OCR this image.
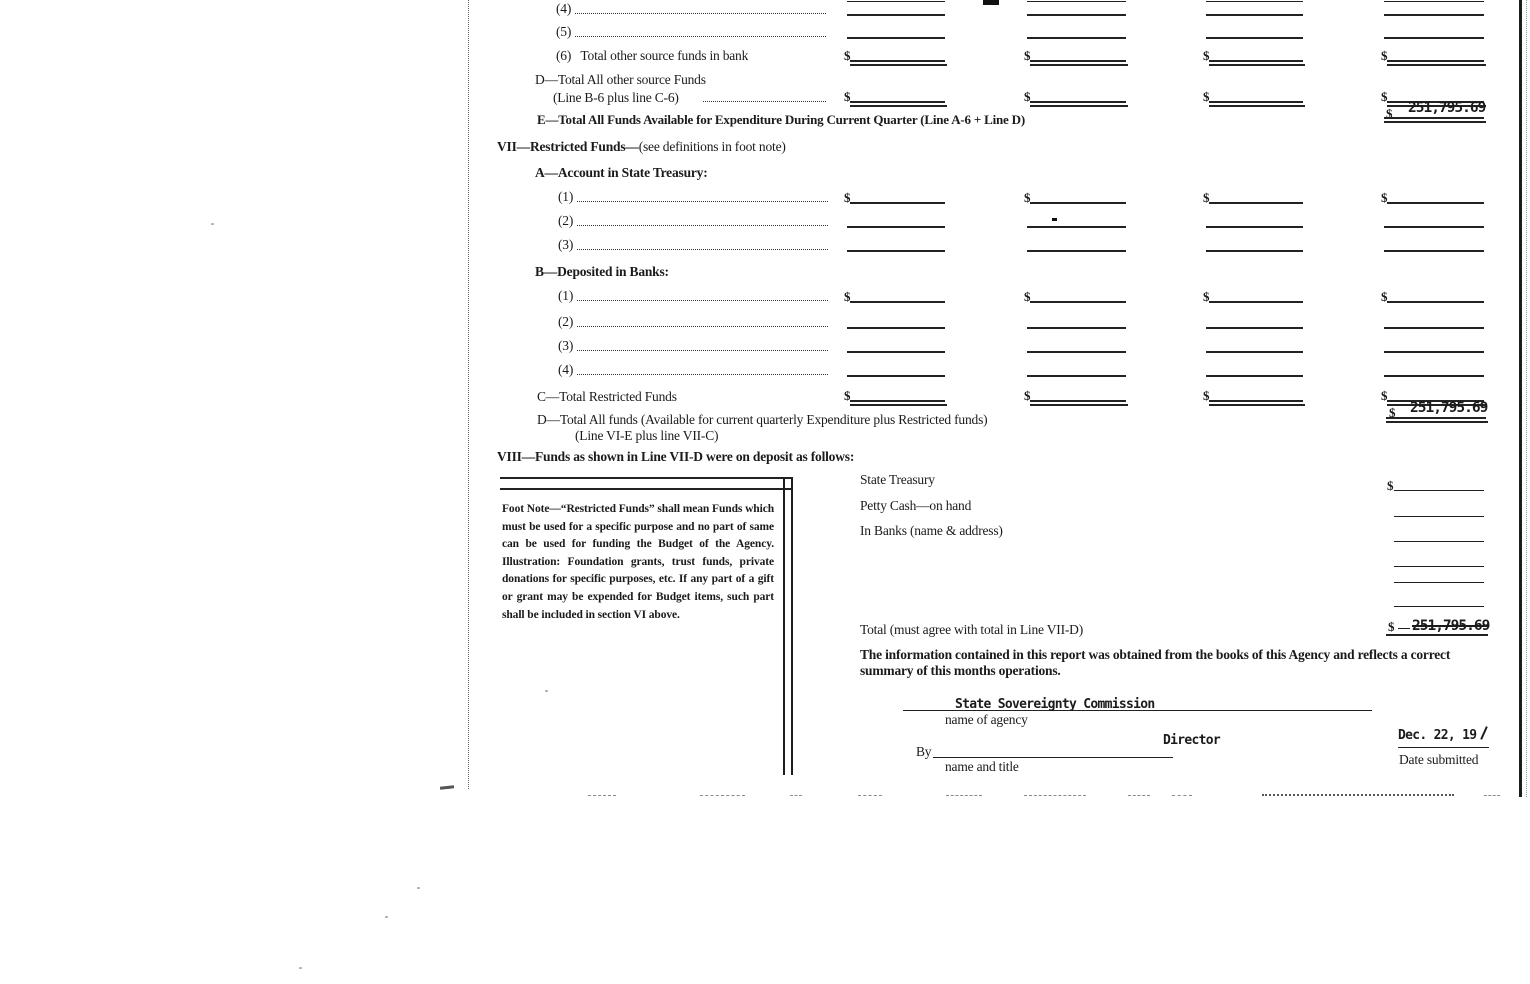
(4)
(5)
(6)   Total other source funds in bank	$	$	$	$
D—Total All other source Funds
(Line B-6 plus line C-6)	$	$	$	$
E—Total All Funds Available for Expenditure During Current Quarter (Line A-6 + Line D)	$ 251,795.69
VII—Restricted Funds—(see definitions in foot note)
A—Account in State Treasury:
(1)	$	$	$	$
(2)
(3)
B—Deposited in Banks:
(1)	$	$	$	$
(2)
(3)
(4)
C—Total Restricted Funds	$	$	$	$
D—Total All funds (Available for current quarterly Expenditure plus Restricted funds)
(Line VI-E plus line VII-C)
$ 251,795.69
VIII—Funds as shown in Line VII-D were on deposit as follows:
Foot Note—“Restricted Funds” shall mean Funds which must be used for a specific purpose and no part of same can be used for funding the Budget of the Agency. Illustration: Foundation grants, trust funds, private donations for specific purposes, etc. If any part of a gift or grant may be expended for Budget items, such part shall be included in section VI above.
State Treasury	$
Petty Cash—on hand
In Banks (name & address)
Total (must agree with total in Line VII-D)	$ 251,795.69
The information contained in this report was obtained from the books of this Agency and reflects a correct summary of this months operations.
State Sovereignty Commission
name of agency
Director	Dec. 22, 19
By
name and title	Date submitted
